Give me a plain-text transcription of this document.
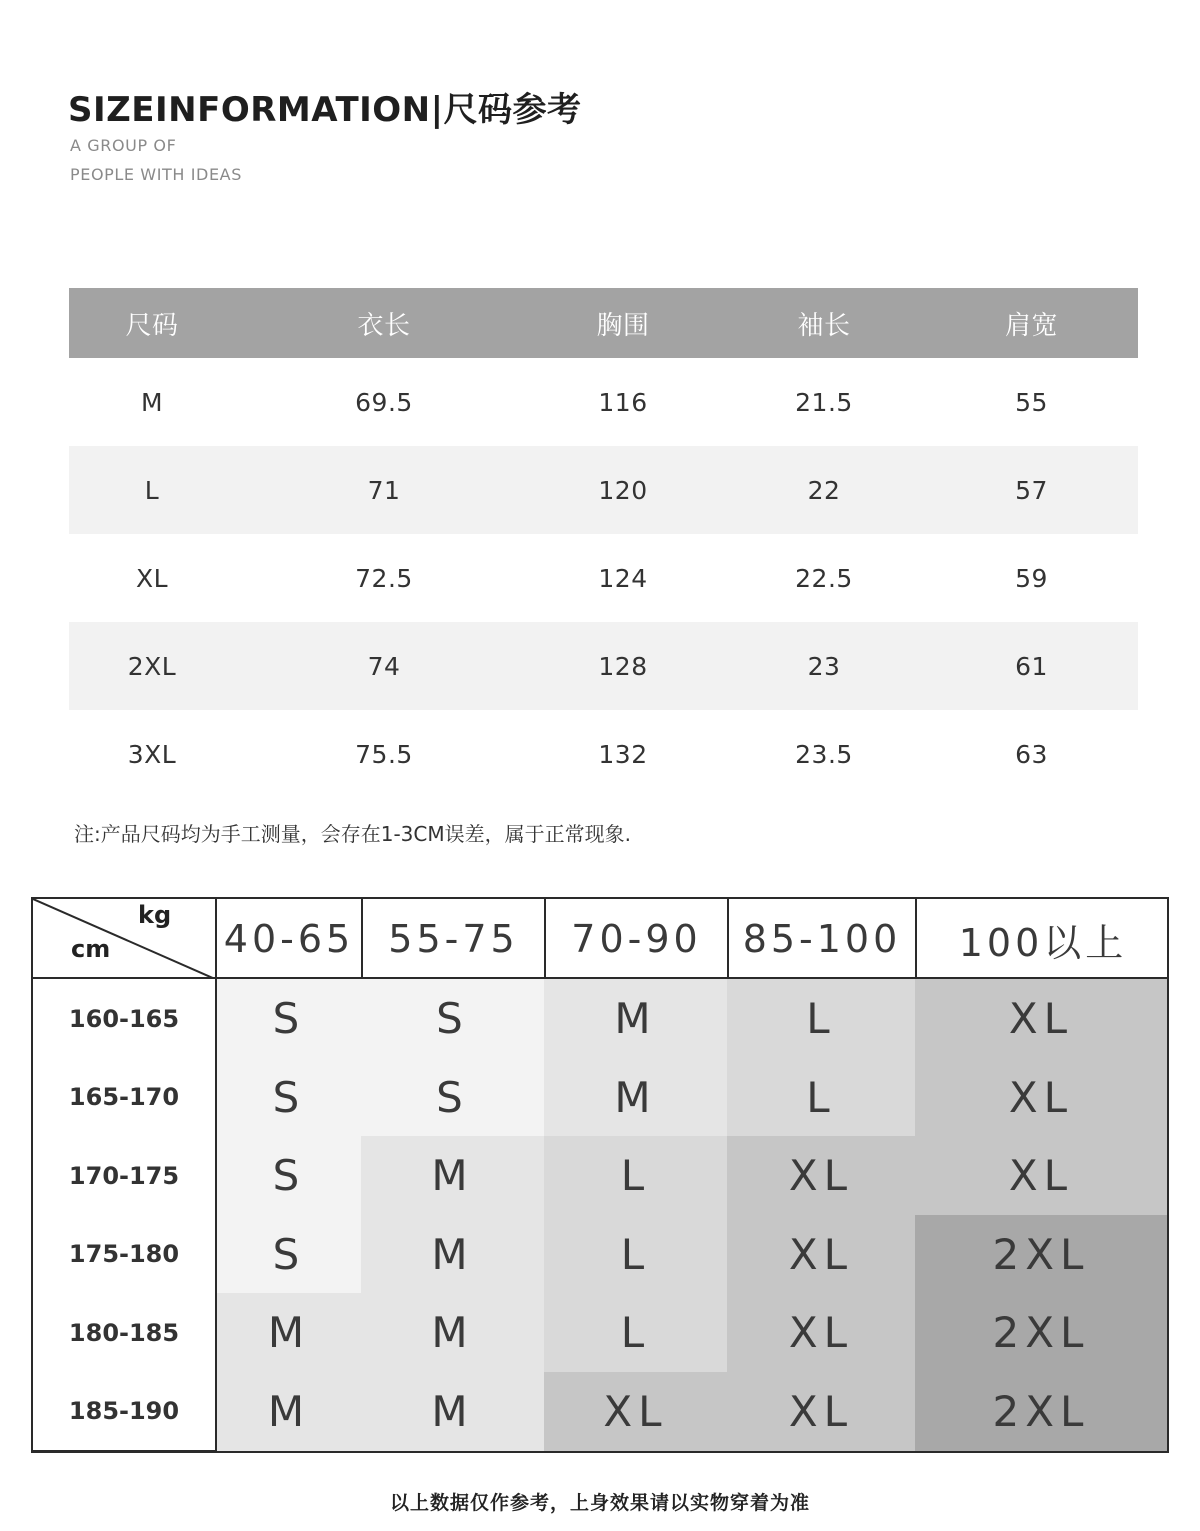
SIZEINFORMATION|尺码参考
A GROUP OF
PEOPLE WITH IDEAS
尺码	衣长	胸围	袖长	肩宽
M	69.5	116	21.5	55
L	71	120	22	57
XL	72.5	124	22.5	59
2XL	74	128	23	61
3XL	75.5	132	23.5	63
注:产品尺码均为手工测量，会存在1-3CM误差，属于正常现象.
kg
cm	40-65 55-75	70-90	85-100	100以上
160-165	S	S	M	L	XL
165-170	S	S	M	L	XL
170-175	S	M	L	XL	XL
175-180	S	M	L	XL	2XL
180-185	M	M	L	XL	2XL
185-190	M	M	XL	XL	2XL
以上数据仅作参考，上身效果请以实物穿着为准
